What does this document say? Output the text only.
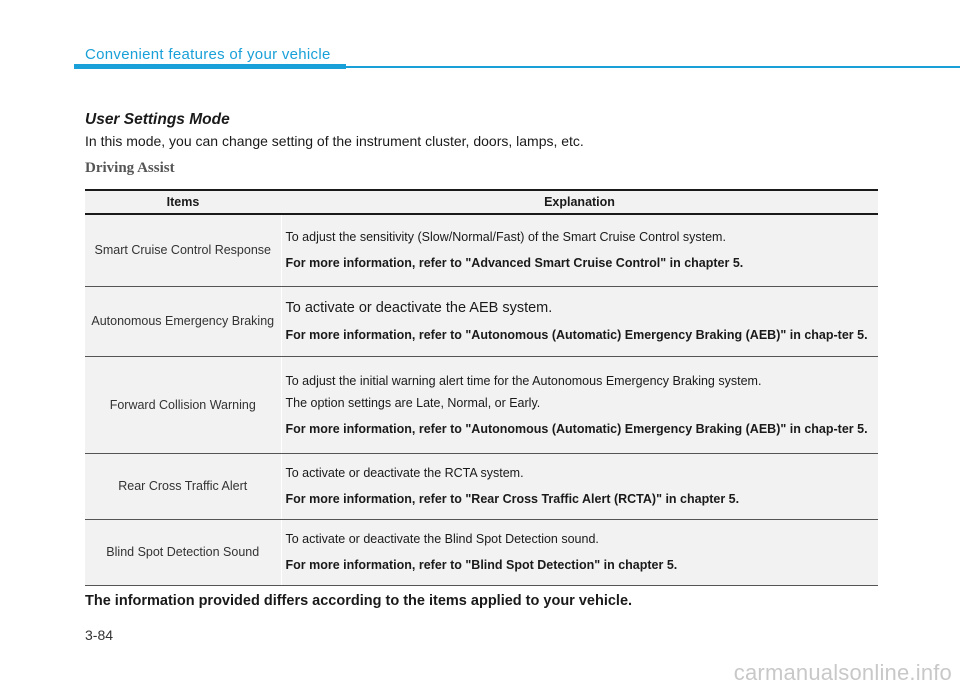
Convenient features of your vehicle
User Settings Mode
In this mode, you can change setting of the instrument cluster, doors, lamps, etc.
Driving Assist
Items	Explanation
Smart Cruise Control Response	To adjust the sensitivity (Slow/Normal/Fast) of the Smart Cruise Control system.
For more information, refer to "Advanced Smart Cruise Control" in chapter 5.

Autonomous Emergency Braking	To activate or deactivate the AEB system.
For more information, refer to "Autonomous (Automatic) Emergency Braking (AEB)" in chap-ter 5.

Forward Collision Warning	To adjust the initial warning alert time for the Autonomous Emergency Braking system.
The option settings are Late, Normal, or Early.
For more information, refer to "Autonomous (Automatic) Emergency Braking (AEB)" in chap-ter 5.

Rear Cross Traffic Alert	To activate or deactivate the RCTA system.
For more information, refer to "Rear Cross Traffic Alert (RCTA)" in chapter 5.

Blind Spot Detection Sound	To activate or deactivate the Blind Spot Detection sound.
For more information, refer to "Blind Spot Detection" in chapter 5.
The information provided differs according to the items applied to your vehicle.
3-84
carmanualsonline.info
